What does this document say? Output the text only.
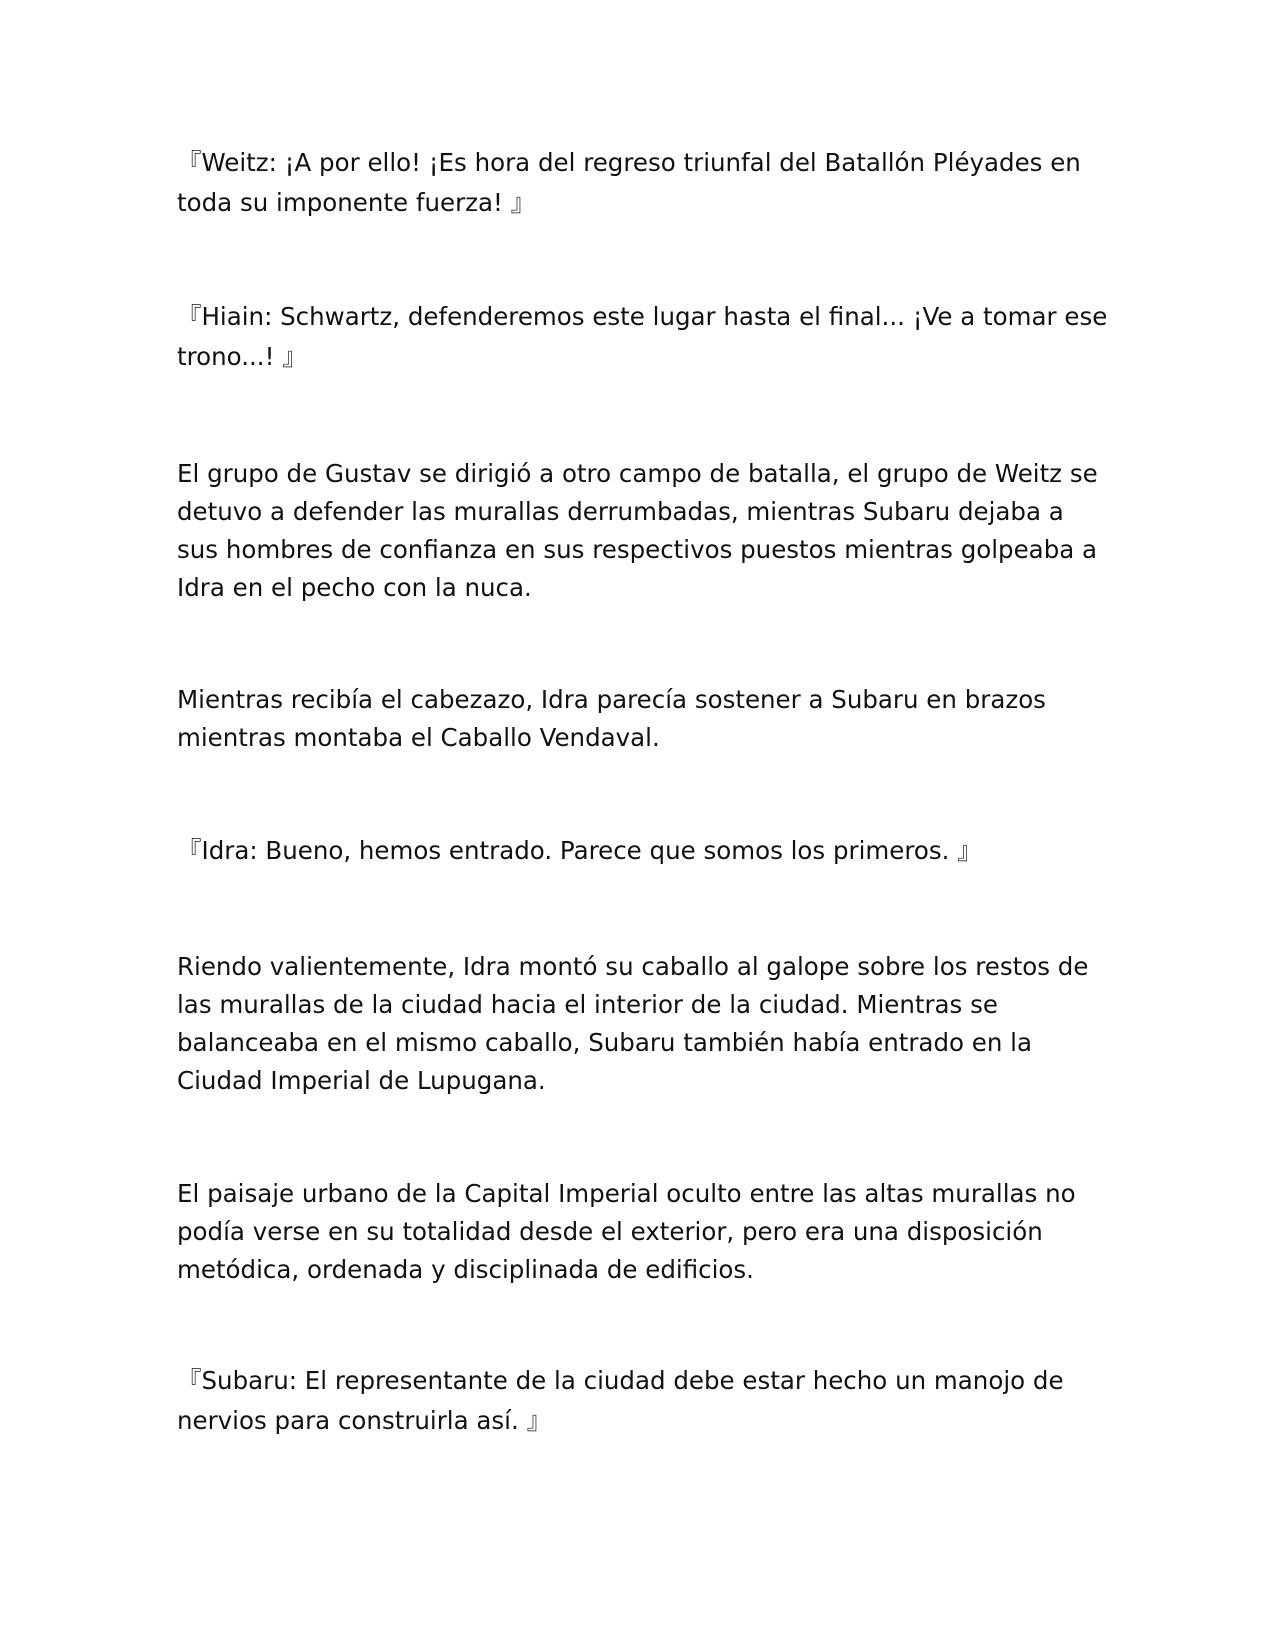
『Weitz: ¡A por ello! ¡Es hora del regreso triunfal del Batallón Pléyades en toda su imponente fuerza! 』

『Hiain: Schwartz, defenderemos este lugar hasta el final... ¡Ve a tomar ese trono...! 』

El grupo de Gustav se dirigió a otro campo de batalla, el grupo de Weitz se detuvo a defender las murallas derrumbadas, mientras Subaru dejaba a sus hombres de confianza en sus respectivos puestos mientras golpeaba a Idra en el pecho con la nuca.

Mientras recibía el cabezazo, Idra parecía sostener a Subaru en brazos mientras montaba el Caballo Vendaval.

『Idra: Bueno, hemos entrado. Parece que somos los primeros. 』

Riendo valientemente, Idra montó su caballo al galope sobre los restos de las murallas de la ciudad hacia el interior de la ciudad. Mientras se balanceaba en el mismo caballo, Subaru también había entrado en la Ciudad Imperial de Lupugana.

El paisaje urbano de la Capital Imperial oculto entre las altas murallas no podía verse en su totalidad desde el exterior, pero era una disposición metódica, ordenada y disciplinada de edificios.

『Subaru: El representante de la ciudad debe estar hecho un manojo de nervios para construirla así. 』
